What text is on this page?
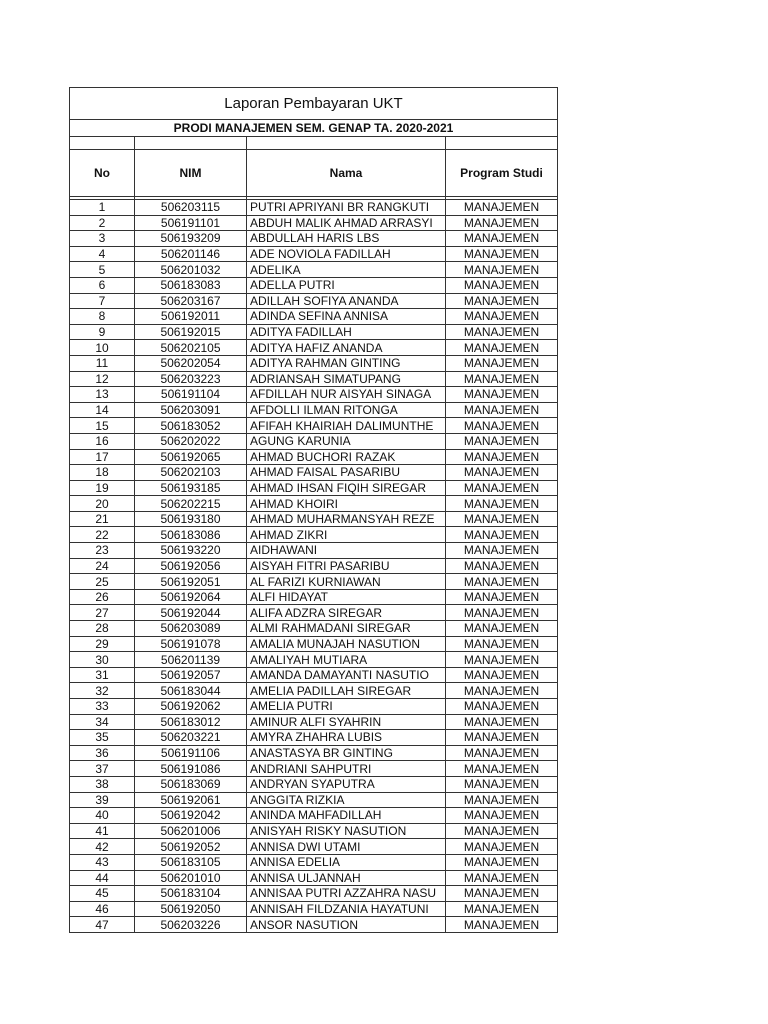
Laporan Pembayaran UKT			
PRODI MANAJEMEN SEM. GENAP TA. 2020-2021			

No	NIM	Nama	Program Studi

1	506203115	PUTRI APRIYANI BR RANGKUTI	MANAJEMEN
2	506191101	ABDUH MALIK AHMAD ARRASYI	MANAJEMEN
3	506193209	ABDULLAH HARIS LBS	MANAJEMEN
4	506201146	ADE NOVIOLA FADILLAH	MANAJEMEN
5	506201032	ADELIKA	MANAJEMEN
6	506183083	ADELLA PUTRI	MANAJEMEN
7	506203167	ADILLAH SOFIYA ANANDA	MANAJEMEN
8	506192011	ADINDA SEFINA ANNISA	MANAJEMEN
9	506192015	ADITYA FADILLAH	MANAJEMEN
10	506202105	ADITYA HAFIZ ANANDA	MANAJEMEN
11	506202054	ADITYA RAHMAN GINTING	MANAJEMEN
12	506203223	ADRIANSAH SIMATUPANG	MANAJEMEN
13	506191104	AFDILLAH NUR AISYAH SINAGA	MANAJEMEN
14	506203091	AFDOLLI ILMAN RITONGA	MANAJEMEN
15	506183052	AFIFAH KHAIRIAH DALIMUNTHE	MANAJEMEN
16	506202022	AGUNG KARUNIA	MANAJEMEN
17	506192065	AHMAD BUCHORI RAZAK	MANAJEMEN
18	506202103	AHMAD FAISAL PASARIBU	MANAJEMEN
19	506193185	AHMAD IHSAN FIQIH SIREGAR	MANAJEMEN
20	506202215	AHMAD KHOIRI	MANAJEMEN
21	506193180	AHMAD MUHARMANSYAH REZE	MANAJEMEN
22	506183086	AHMAD ZIKRI	MANAJEMEN
23	506193220	AIDHAWANI	MANAJEMEN
24	506192056	AISYAH FITRI PASARIBU	MANAJEMEN
25	506192051	AL FARIZI KURNIAWAN	MANAJEMEN
26	506192064	ALFI HIDAYAT	MANAJEMEN
27	506192044	ALIFA ADZRA SIREGAR	MANAJEMEN
28	506203089	ALMI RAHMADANI SIREGAR	MANAJEMEN
29	506191078	AMALIA MUNAJAH NASUTION	MANAJEMEN
30	506201139	AMALIYAH MUTIARA	MANAJEMEN
31	506192057	AMANDA DAMAYANTI NASUTIO	MANAJEMEN
32	506183044	AMELIA PADILLAH SIREGAR	MANAJEMEN
33	506192062	AMELIA PUTRI	MANAJEMEN
34	506183012	AMINUR ALFI SYAHRIN	MANAJEMEN
35	506203221	AMYRA ZHAHRA LUBIS	MANAJEMEN
36	506191106	ANASTASYA BR GINTING	MANAJEMEN
37	506191086	ANDRIANI SAHPUTRI	MANAJEMEN
38	506183069	ANDRYAN SYAPUTRA	MANAJEMEN
39	506192061	ANGGITA RIZKIA	MANAJEMEN
40	506192042	ANINDA MAHFADILLAH	MANAJEMEN
41	506201006	ANISYAH RISKY NASUTION	MANAJEMEN
42	506192052	ANNISA DWI UTAMI	MANAJEMEN
43	506183105	ANNISA EDELIA	MANAJEMEN
44	506201010	ANNISA ULJANNAH	MANAJEMEN
45	506183104	ANNISAA PUTRI AZZAHRA NASU	MANAJEMEN
46	506192050	ANNISAH FILDZANIA HAYATUNI	MANAJEMEN
47	506203226	ANSOR NASUTION	MANAJEMEN
